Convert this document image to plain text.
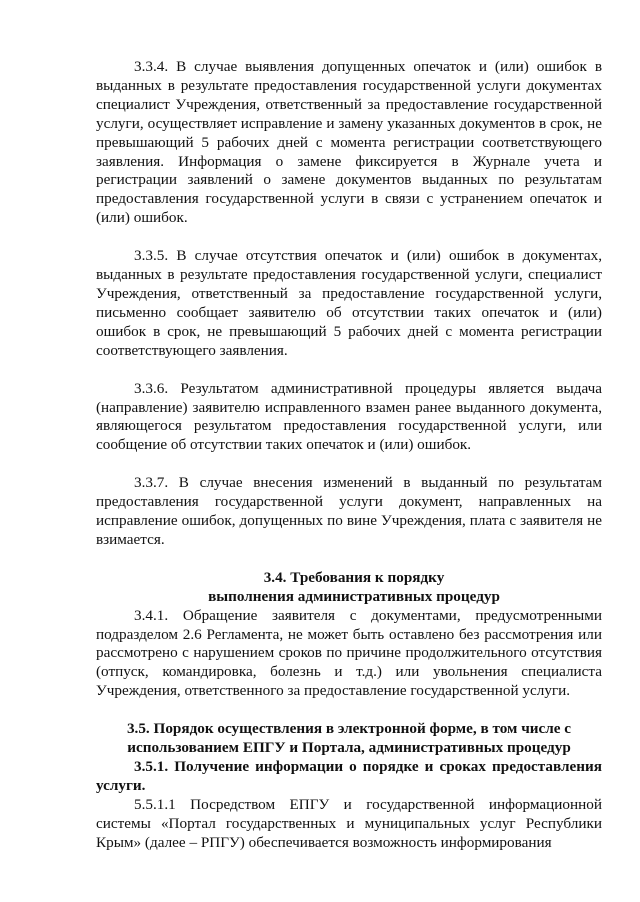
3.3.4. В случае выявления допущенных опечаток и (или) ошибок в выданных в результате предоставления государственной услуги документах специалист Учреждения, ответственный за предоставление государственной услуги, осуществляет исправление и замену указанных документов в срок, не превышающий 5 рабочих дней с момента регистрации соответствующего заявления. Информация о замене фиксируется в Журнале учета и регистрации заявлений о замене документов выданных по результатам предоставления государственной услуги в связи с устранением опечаток и (или) ошибок.

3.3.5. В случае отсутствия опечаток и (или) ошибок в документах, выданных в результате предоставления государственной услуги, специалист Учреждения, ответственный за предоставление государственной услуги, письменно сообщает заявителю об отсутствии таких опечаток и (или) ошибок в срок, не превышающий 5 рабочих дней с момента регистрации соответствующего заявления.

3.3.6. Результатом административной процедуры является выдача (направление) заявителю исправленного взамен ранее выданного документа, являющегося результатом предоставления государственной услуги, или сообщение об отсутствии таких опечаток и (или) ошибок.

3.3.7. В случае внесения изменений в выданный по результатам предоставления государственной услуги документ, направленных на исправление ошибок, допущенных по вине Учреждения, плата с заявителя не взимается.

3.4. Требования к порядку
выполнения административных процедур

3.4.1. Обращение заявителя с документами, предусмотренными подразделом 2.6 Регламента, не может быть оставлено без рассмотрения или рассмотрено с нарушением сроков по причине продолжительного отсутствия (отпуск, командировка, болезнь и т.д.) или увольнения специалиста Учреждения, ответственного за предоставление государственной услуги.

3.5. Порядок осуществления в электронной форме, в том числе с
использованием ЕПГУ и Портала, административных процедур

3.5.1. Получение информации о порядке и сроках предоставления услуги.

5.5.1.1 Посредством ЕПГУ и государственной информационной системы «Портал государственных и муниципальных услуг Республики Крым» (далее – РПГУ) обеспечивается возможность информирования
